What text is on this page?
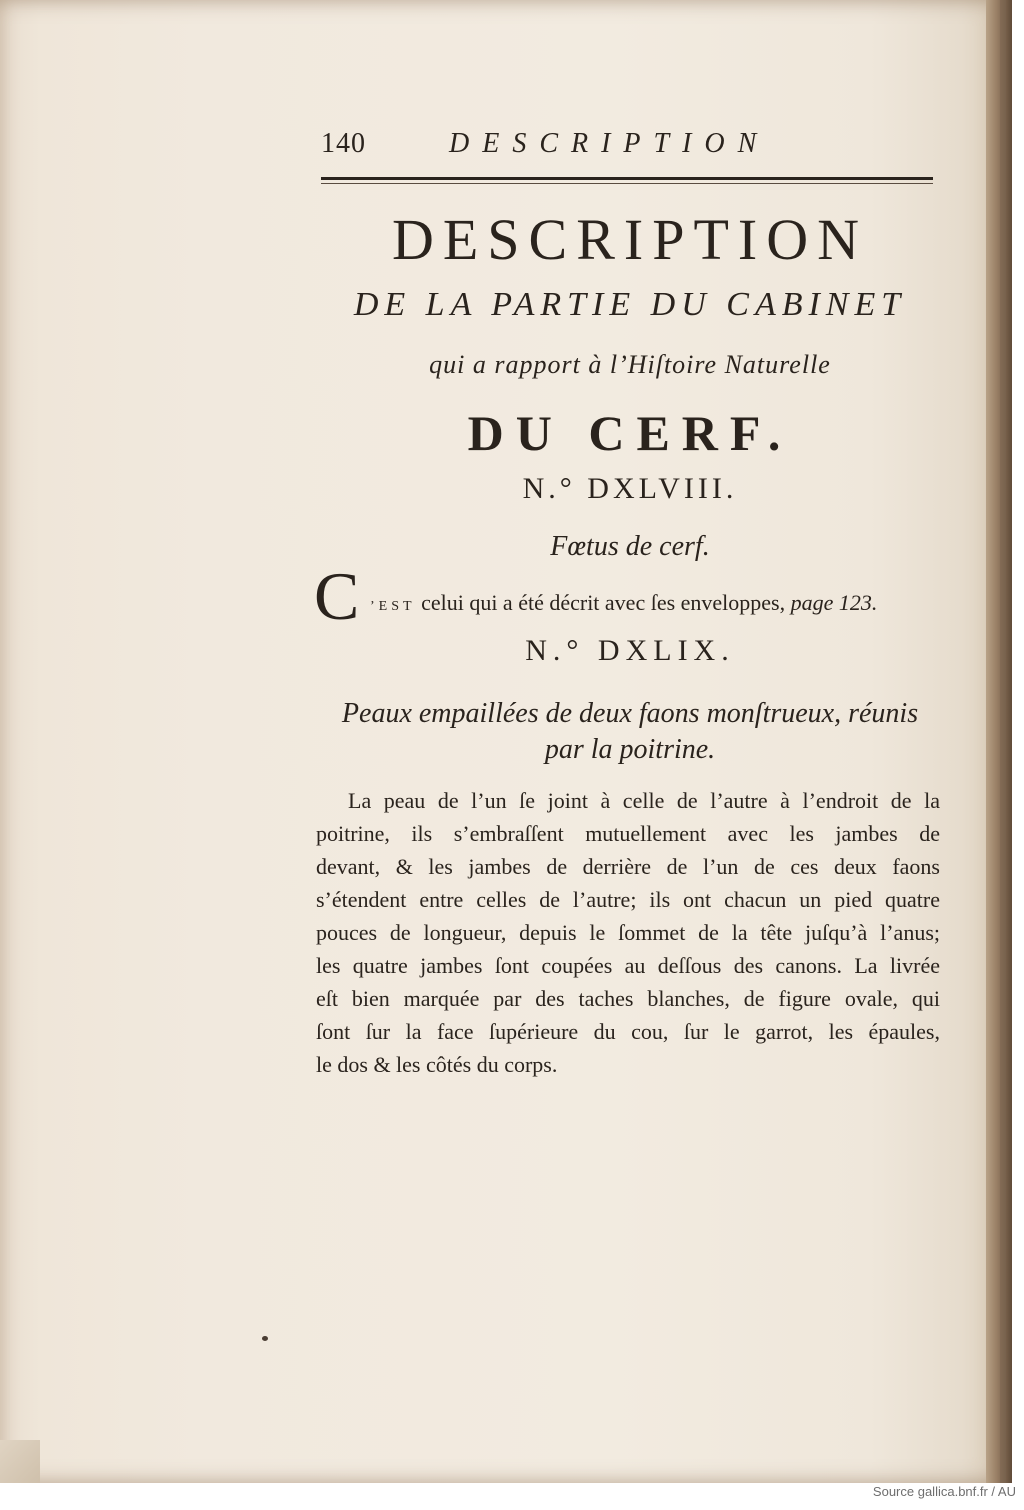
140	DESCRIPTION
DESCRIPTION
DE LA PARTIE DU CABINET
qui a rapport à l’Hiſtoire Naturelle
DU CERF.
N.° DXLVIII.
Fœtus de cerf.
C ’EST celui qui a été décrit avec ſes enveloppes, page 123.
N.° DXLIX.
Peaux empaillées de deux faons monſtrueux, réunis
par la poitrine.
La peau de l’un ſe joint à celle de l’autre à l’endroit de la
poitrine, ils s’embraſſent mutuellement avec les jambes de
devant, & les jambes de derrière de l’un de ces deux faons
s’étendent entre celles de l’autre; ils ont chacun un pied quatre
pouces de longueur, depuis le ſommet de la tête juſqu’à l’anus;
les quatre jambes ſont coupées au deſſous des canons. La livrée
eſt bien marquée par des taches blanches, de figure ovale, qui
ſont ſur la face ſupérieure du cou, ſur le garrot, les épaules,
le dos & les côtés du corps.
Source gallica.bnf.fr / AU
